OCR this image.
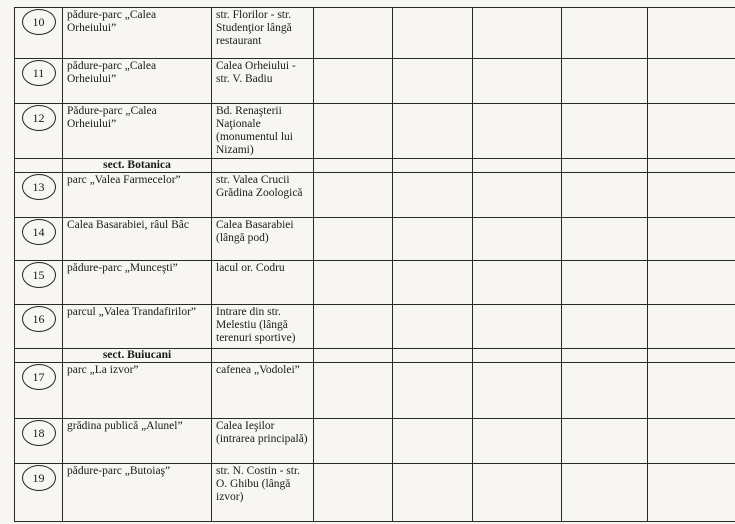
10	pădure-parc „Calea Orheiului”	str. Florilor - str. Studenţior lângă restaurant						
11	pădure-parc „Calea Orheiului”	Calea Orheiului - str. V. Badiu						
12	Pădure-parc „Calea Orheiului”	Bd. Renaşterii Naţionale (monumentul lui Nizami)						
	sect. Botanica							
13	parc „Valea Farmecelor”	str. Valea Crucii Grădina Zoologică						
14	Calea Basarabiei, râul Bâc	Calea Basarabiei (lângă pod)						
15	pădure-parc „Munceşti”	lacul or. Codru						
16	parcul „Valea Trandafirilor”	Intrare din str. Melestiu (lângă terenuri sportive)						
	sect. Buiucani							
17	parc „La izvor”	cafenea „Vodolei”						
18	grădina publică „Alunel”	Calea Ieşilor (intrarea principală)						
19	pădure-parc „Butoiaş”	str. N. Costin - str. O. Ghibu (lângă izvor)						
